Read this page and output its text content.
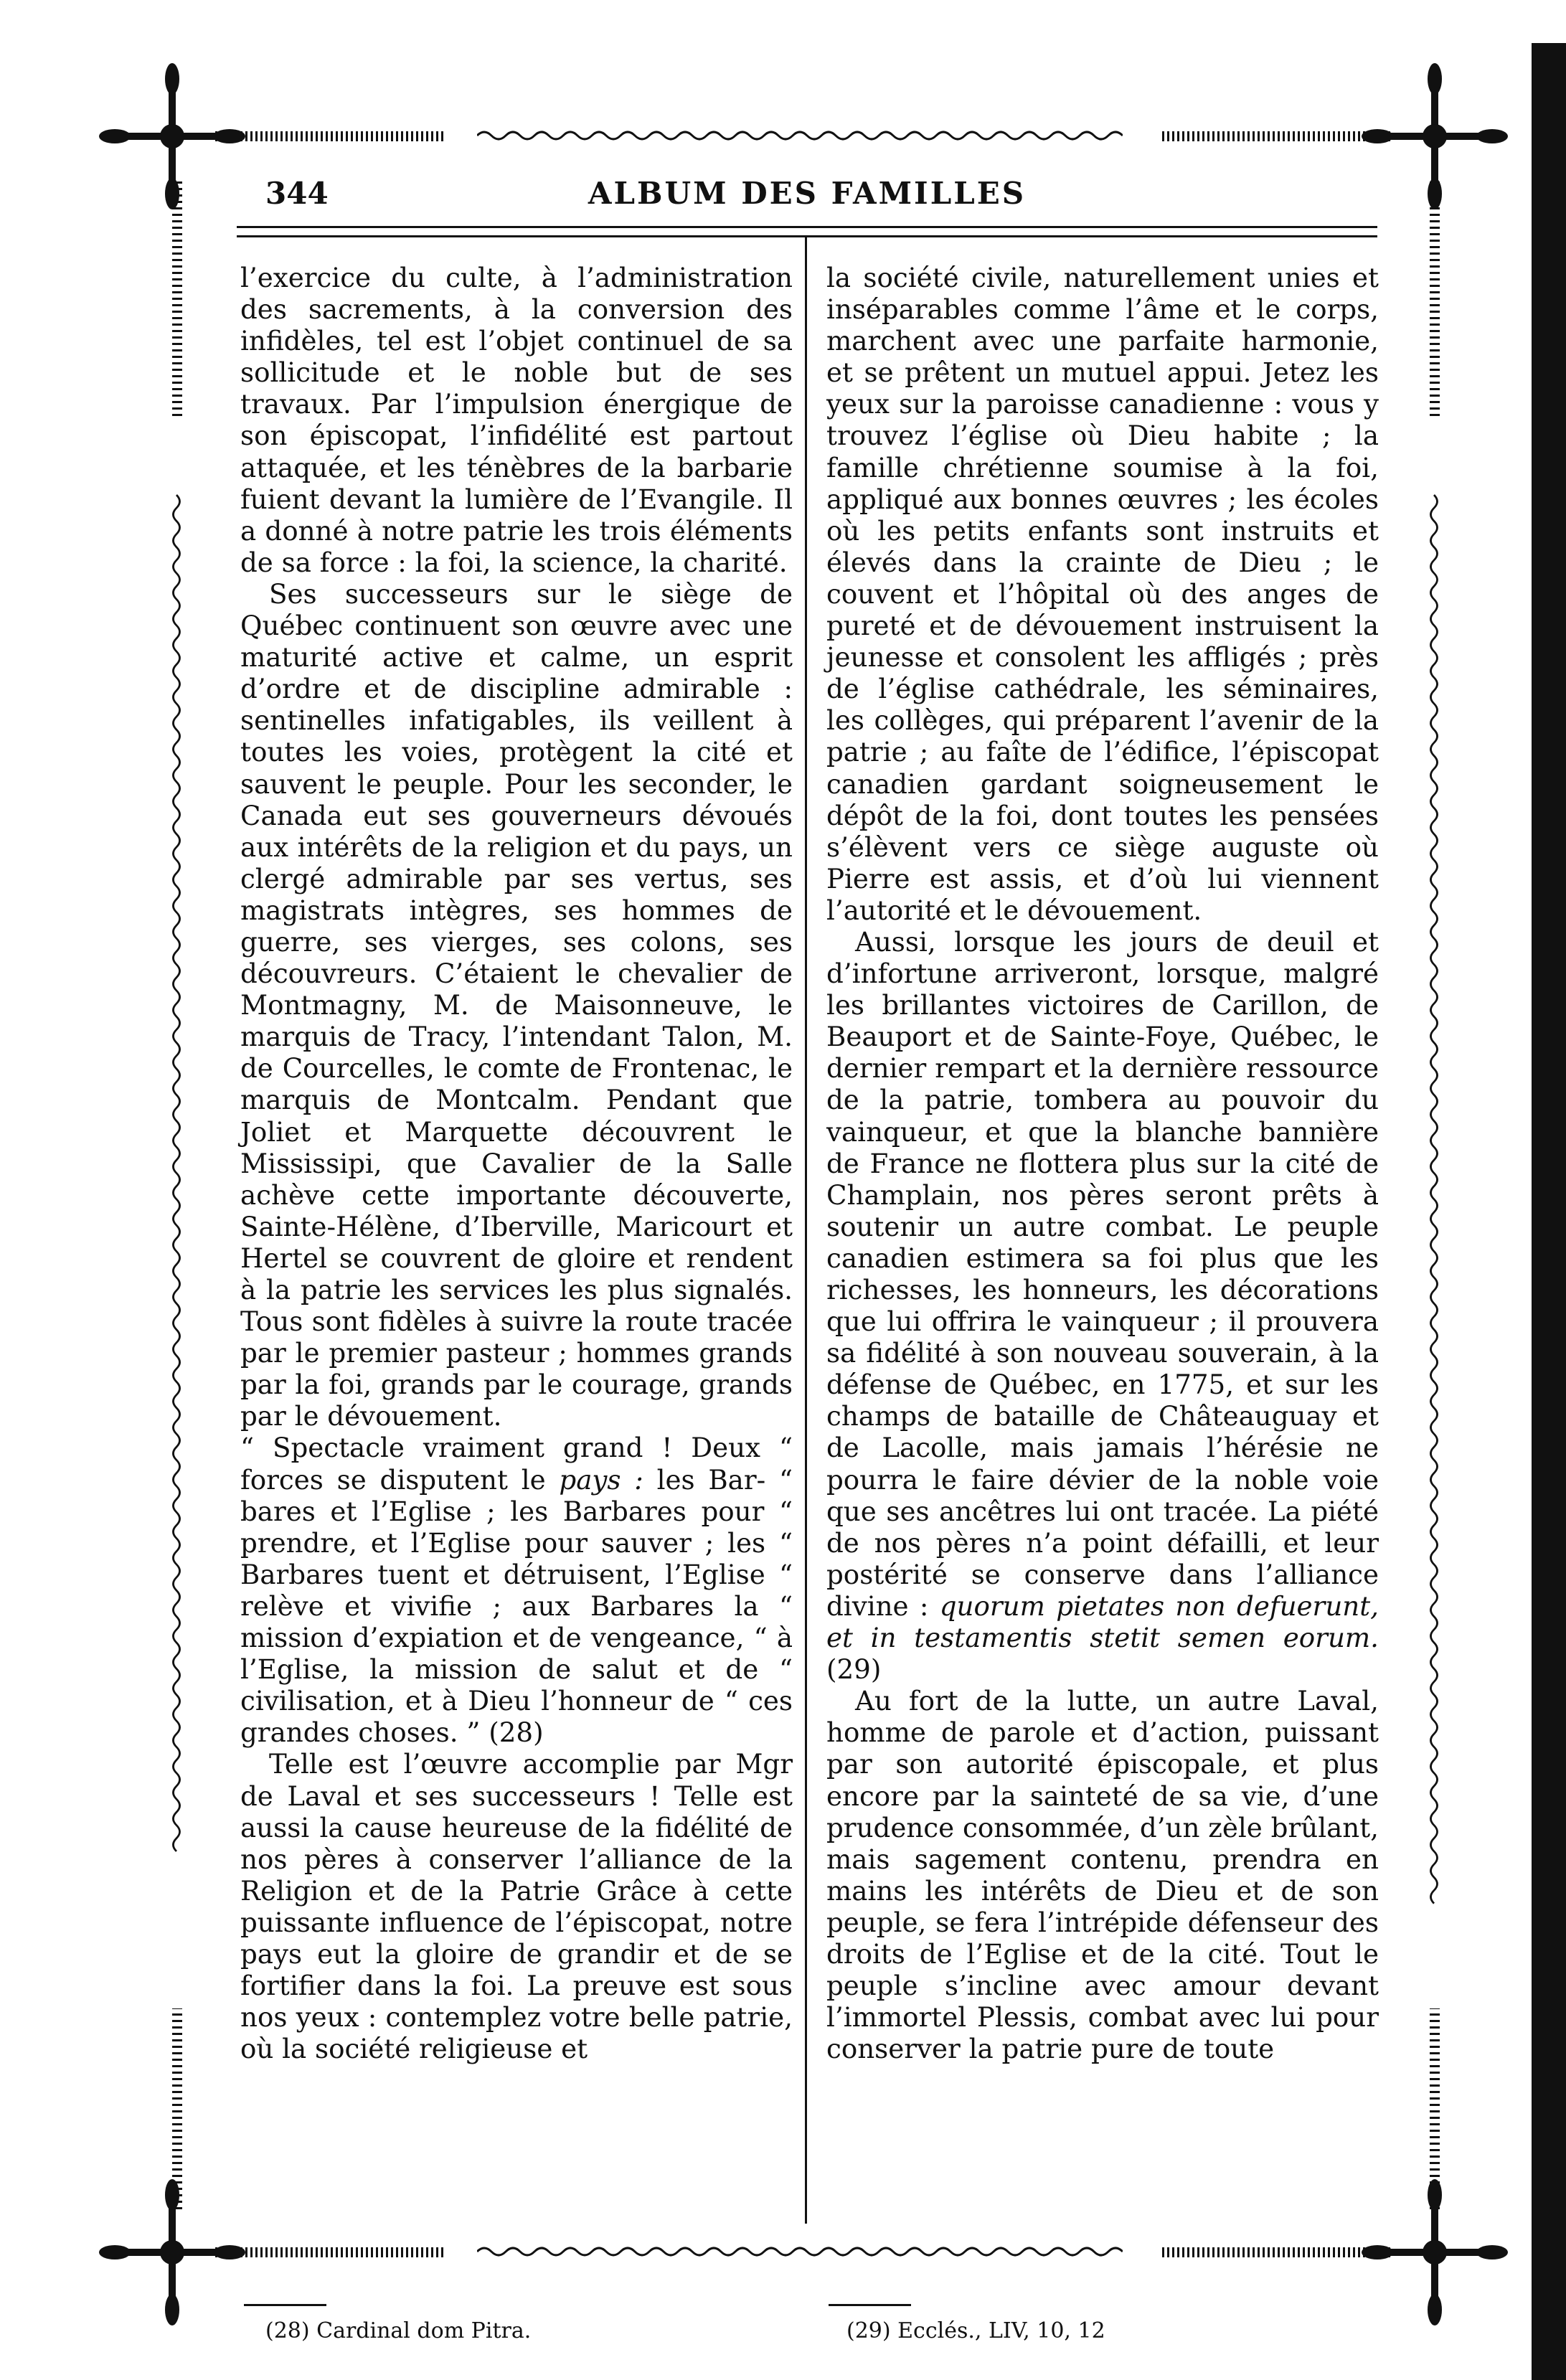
344	ALBUM DES FAMILLES

l’exercice du culte, à l’administration des sacrements, à la conversion des infidèles, tel est l’objet continuel de sa sollicitude et le noble but de ses travaux. Par l’impulsion énergique de son épiscopat, l’infidélité est partout attaquée, et les ténèbres de la barbarie fuient devant la lumière de l’Evangile. Il a donné à notre patrie les trois éléments de sa force : la foi, la science, la charité.

Ses successeurs sur le siège de Québec continuent son œuvre avec une maturité active et calme, un esprit d’ordre et de discipline admirable : sentinelles infatigables, ils veillent à toutes les voies, protègent la cité et sauvent le peuple. Pour les seconder, le Canada eut ses gouverneurs dévoués aux intérêts de la religion et du pays, un clergé admirable par ses vertus, ses magistrats intègres, ses hommes de guerre, ses vierges, ses colons, ses découvreurs. C’étaient le chevalier de Montmagny, M. de Maisonneuve, le marquis de Tracy, l’intendant Talon, M. de Courcelles, le comte de Frontenac, le marquis de Montcalm. Pendant que Joliet et Marquette découvrent le Mississipi, que Cavalier de la Salle achève cette importante découverte, Sainte-Hélène, d’Iberville, Maricourt et Hertel se couvrent de gloire et rendent à la patrie les services les plus signalés. Tous sont fidèles à suivre la route tracée par le premier pasteur ; hommes grands par la foi, grands par le courage, grands par le dévouement.

“ Spectacle vraiment grand ! Deux “ forces se disputent le pays : les Bar- “ bares et l’Eglise ; les Barbares pour “ prendre, et l’Eglise pour sauver ; les “ Barbares tuent et détruisent, l’Eglise “ relève et vivifie ; aux Barbares la “ mission d’expiation et de vengeance, “ à l’Eglise, la mission de salut et de “ civilisation, et à Dieu l’honneur de “ ces grandes choses. ” (28)

Telle est l’œuvre accomplie par Mgr de Laval et ses successeurs ! Telle est aussi la cause heureuse de la fidélité de nos pères à conserver l’alliance de la Religion et de la Patrie Grâce à cette puissante influence de l’épiscopat, notre pays eut la gloire de grandir et de se fortifier dans la foi. La preuve est sous nos yeux : contemplez votre belle patrie, où la société religieuse et

la société civile, naturellement unies et inséparables comme l’âme et le corps, marchent avec une parfaite harmonie, et se prêtent un mutuel appui. Jetez les yeux sur la paroisse canadienne : vous y trouvez l’église où Dieu habite ; la famille chrétienne soumise à la foi, appliqué aux bonnes œuvres ; les écoles où les petits enfants sont instruits et élevés dans la crainte de Dieu ; le couvent et l’hôpital où des anges de pureté et de dévouement instruisent la jeunesse et consolent les affligés ; près de l’église cathédrale, les séminaires, les collèges, qui préparent l’avenir de la patrie ; au faîte de l’édifice, l’épiscopat canadien gardant soigneusement le dépôt de la foi, dont toutes les pensées s’élèvent vers ce siège auguste où Pierre est assis, et d’où lui viennent l’autorité et le dévouement.

Aussi, lorsque les jours de deuil et d’infortune arriveront, lorsque, malgré les brillantes victoires de Carillon, de Beauport et de Sainte-Foye, Québec, le dernier rempart et la dernière ressource de la patrie, tombera au pouvoir du vainqueur, et que la blanche bannière de France ne flottera plus sur la cité de Champlain, nos pères seront prêts à soutenir un autre combat. Le peuple canadien estimera sa foi plus que les richesses, les honneurs, les décorations que lui offrira le vainqueur ; il prouvera sa fidélité à son nouveau souverain, à la défense de Québec, en 1775, et sur les champs de bataille de Châteauguay et de Lacolle, mais jamais l’hérésie ne pourra le faire dévier de la noble voie que ses ancêtres lui ont tracée. La piété de nos pères n’a point défailli, et leur postérité se conserve dans l’alliance divine : quorum pietates non defuerunt, et in testamentis stetit semen eorum. (29)

Au fort de la lutte, un autre Laval, homme de parole et d’action, puissant par son autorité épiscopale, et plus encore par la sainteté de sa vie, d’une prudence consommée, d’un zèle brûlant, mais sagement contenu, prendra en mains les intérêts de Dieu et de son peuple, se fera l’intrépide défenseur des droits de l’Eglise et de la cité. Tout le peuple s’incline avec amour devant l’immortel Plessis, combat avec lui pour conserver la patrie pure de toute

(28) Cardinal dom Pitra.	(29) Ecclés., LIV, 10, 12
